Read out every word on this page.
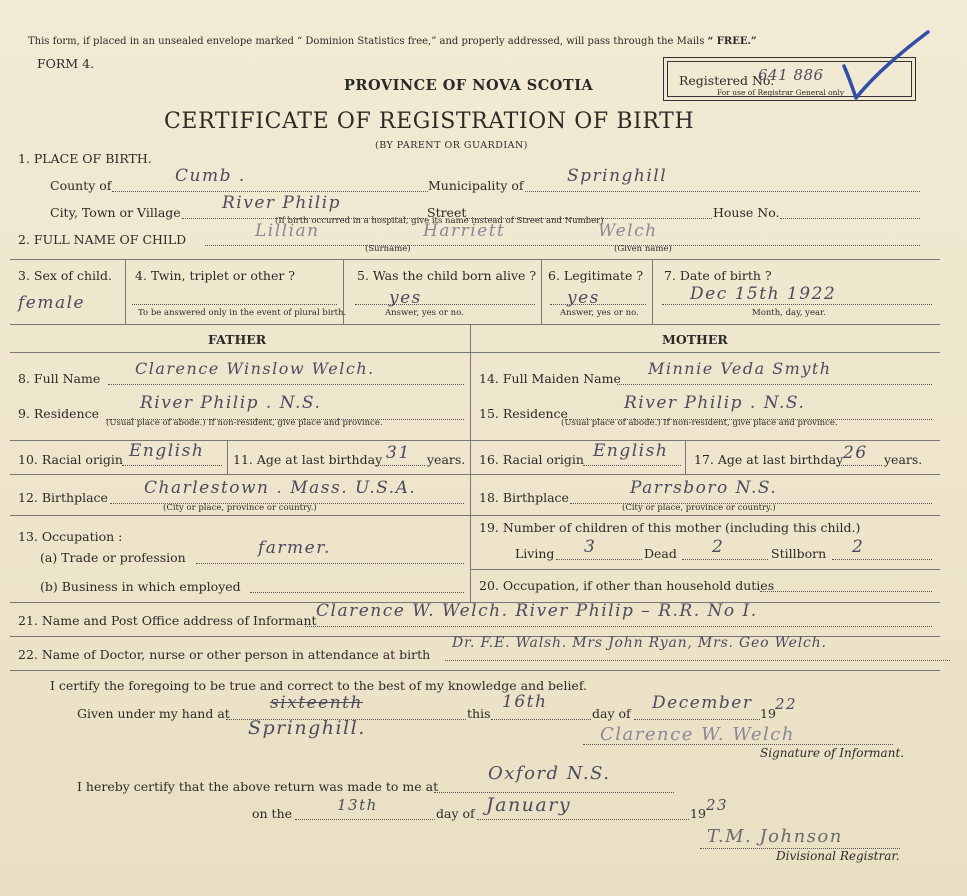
This form, if placed in an unsealed envelope marked “ Dominion Statistics free,” and properly addressed, will pass through the Mails “ FREE.”
FORM 4.
PROVINCE OF NOVA SCOTIA
CERTIFICATE OF REGISTRATION OF BIRTH
(BY PARENT OR GUARDIAN)
Registered No.
641 886
For use of Registrar General only
1. PLACE OF BIRTH.
County of	Cumb .	Municipality of	Springhill
City, Town or Village River Philip	Street	House No.
(If birth occurred in a hospital, give its name instead of Street and Number)
2. FULL NAME OF CHILD	Lillian	Harriett	Welch
(Surname)	(Given name)
3. Sex of child.
female
4. Twin, triplet or other ?
To be answered only in the event of plural birth.
5. Was the child born alive ?
yes
Answer, yes or no.
6. Legitimate ?
yes
Answer, yes or no.
7. Date of birth ?
Dec 15th 1922
Month, day, year.
FATHER	MOTHER
8. Full Name
Clarence Winslow Welch.
9. Residence
River Philip . N.S.
(Usual place of abode.) If non-resident, give place and province.
10. Racial origin English 11. Age at last birthday 31 years.
12. Birthplace Charlestown . Mass. U.S.A.
(City or place, province or country.)
13. Occupation :
(a) Trade or profession	farmer.
(b) Business in which employed
14. Full Maiden Name
Minnie Veda Smyth
15. Residence
River Philip . N.S.
(Usual place of abode.) If non-resident, give place and province.
16. Racial origin English 17. Age at last birthday 26 years.
18. Birthplace	Parrsboro N.S.
(City or place, province or country.)
19. Number of children of this mother (including this child.)
Living 3	Dead 2	Stillborn 2
20. Occupation, if other than household duties
21. Name and Post Office address of Informant Clarence W. Welch. River Philip – R.R. No I.
22. Name of Doctor, nurse or other person in attendance at birth
Dr. F.E. Walsh. Mrs John Ryan, Mrs. Geo Welch.
I certify the foregoing to be true and correct to the best of my knowledge and belief.
Given under my hand at
sixteenth
Springhill.
this
16th
day of
December
19
22
Clarence W. Welch
Signature of Informant.
I hereby certify that the above return was made to me at
Oxford N.S.
on the	13th	day of January	19 23
T.M. Johnson
Divisional Registrar.
